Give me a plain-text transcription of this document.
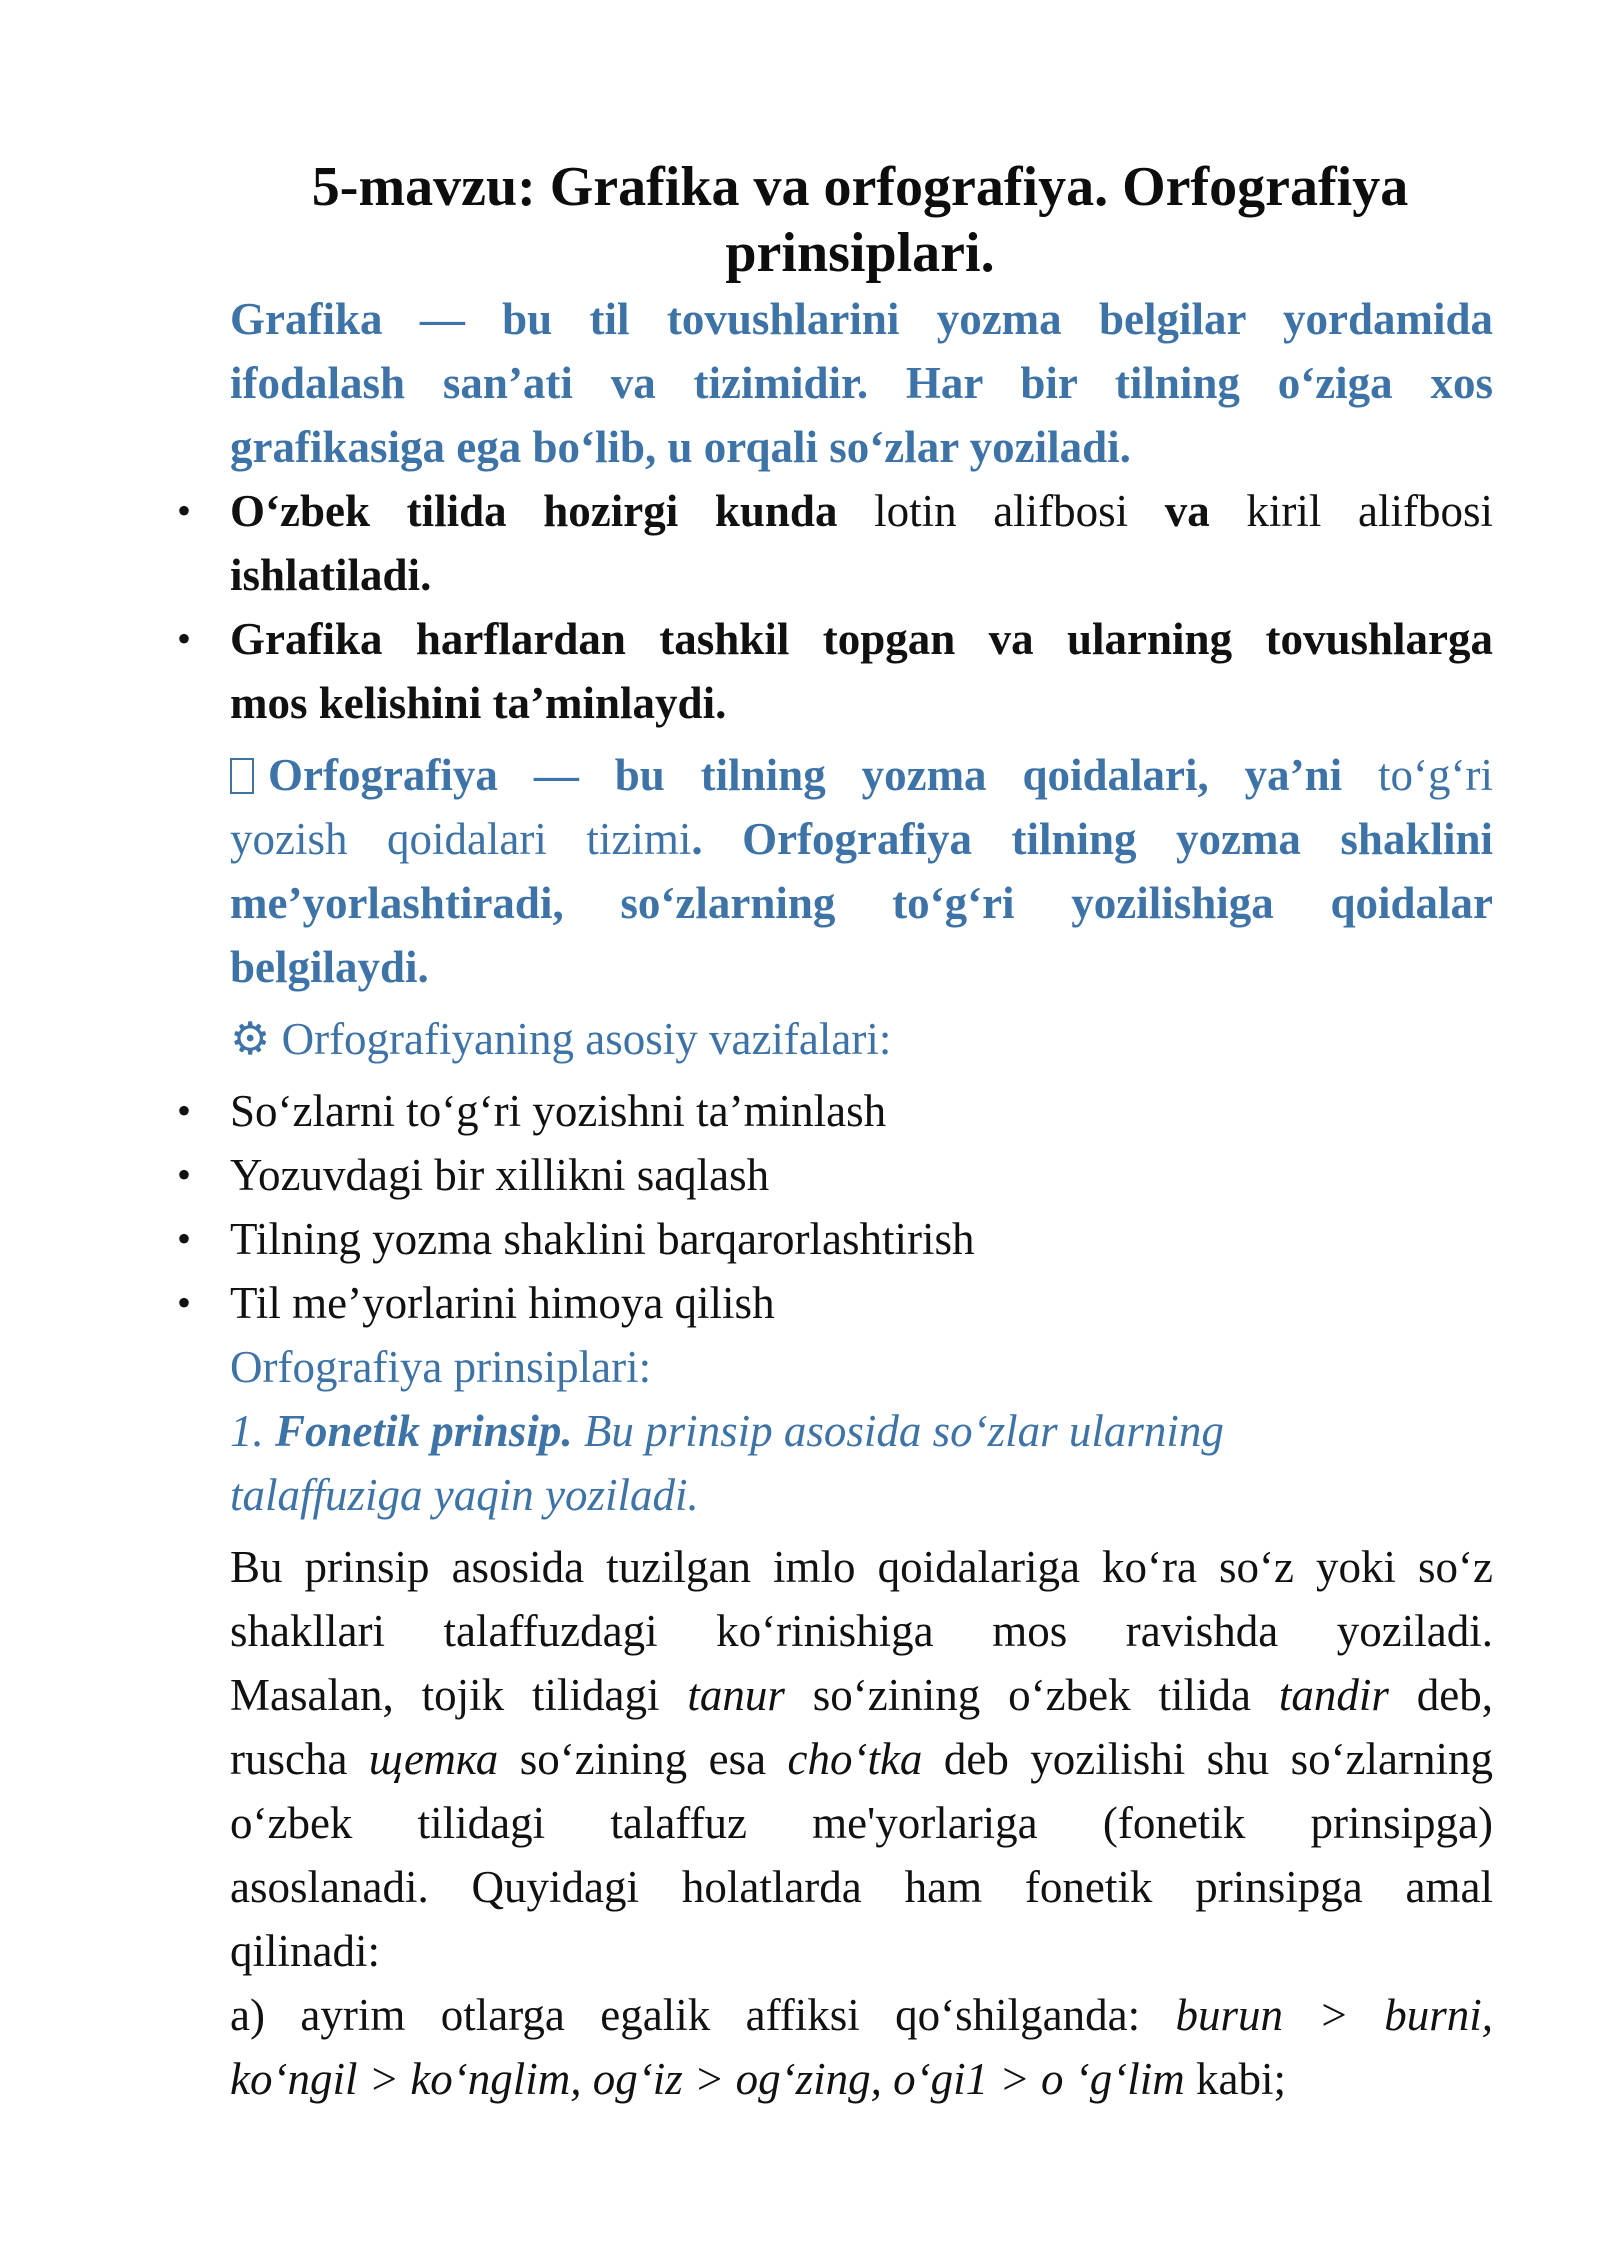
5-mavzu: Grafika va orfografiya. Orfografiya
prinsiplari.
Grafika — bu til tovushlarini yozma belgilar yordamida
ifodalash san’ati va tizimidir. Har bir tilning o‘ziga xos
grafikasiga ega bo‘lib, u orqali so‘zlar yoziladi.
• O‘zbek tilida hozirgi kunda lotin alifbosi va kiril alifbosi
ishlatiladi.
• Grafika harflardan tashkil topgan va ularning tovushlarga
mos kelishini ta’minlaydi.
Orfografiya — bu tilning yozma qoidalari, ya’ni to‘g‘ri
yozish qoidalari tizimi. Orfografiya tilning yozma shaklini
me’yorlashtiradi, so‘zlarning to‘g‘ri yozilishiga qoidalar
belgilaydi.
⚙ Orfografiyaning asosiy vazifalari:
• So‘zlarni to‘g‘ri yozishni ta’minlash
• Yozuvdagi bir xillikni saqlash
• Tilning yozma shaklini barqarorlashtirish
• Til me’yorlarini himoya qilish
Orfografiya prinsiplari:
1. Fonetik prinsip. Bu prinsip asosida so‘zlar ularning
talaffuziga yaqin yoziladi.
Bu prinsip asosida tuzilgan imlo qoidalariga ko‘ra so‘z yoki so‘z
shakllari talaffuzdagi ko‘rinishiga mos ravishda yoziladi.
Masalan, tojik tilidagi tanur so‘zining o‘zbek tilida tandir deb,
ruscha щетка so‘zining esa cho‘tka deb yozilishi shu so‘zlarning
o‘zbek tilidagi talaffuz me'yorlariga (fonetik prinsipga)
asoslanadi. Quyidagi holatlarda ham fonetik prinsipga amal
qilinadi:
a) ayrim otlarga egalik affiksi qo‘shilganda: burun > burni,
ko‘ngil > ko‘nglim, og‘iz > og‘zing, o‘gi1 > o ‘g‘lim kabi;
